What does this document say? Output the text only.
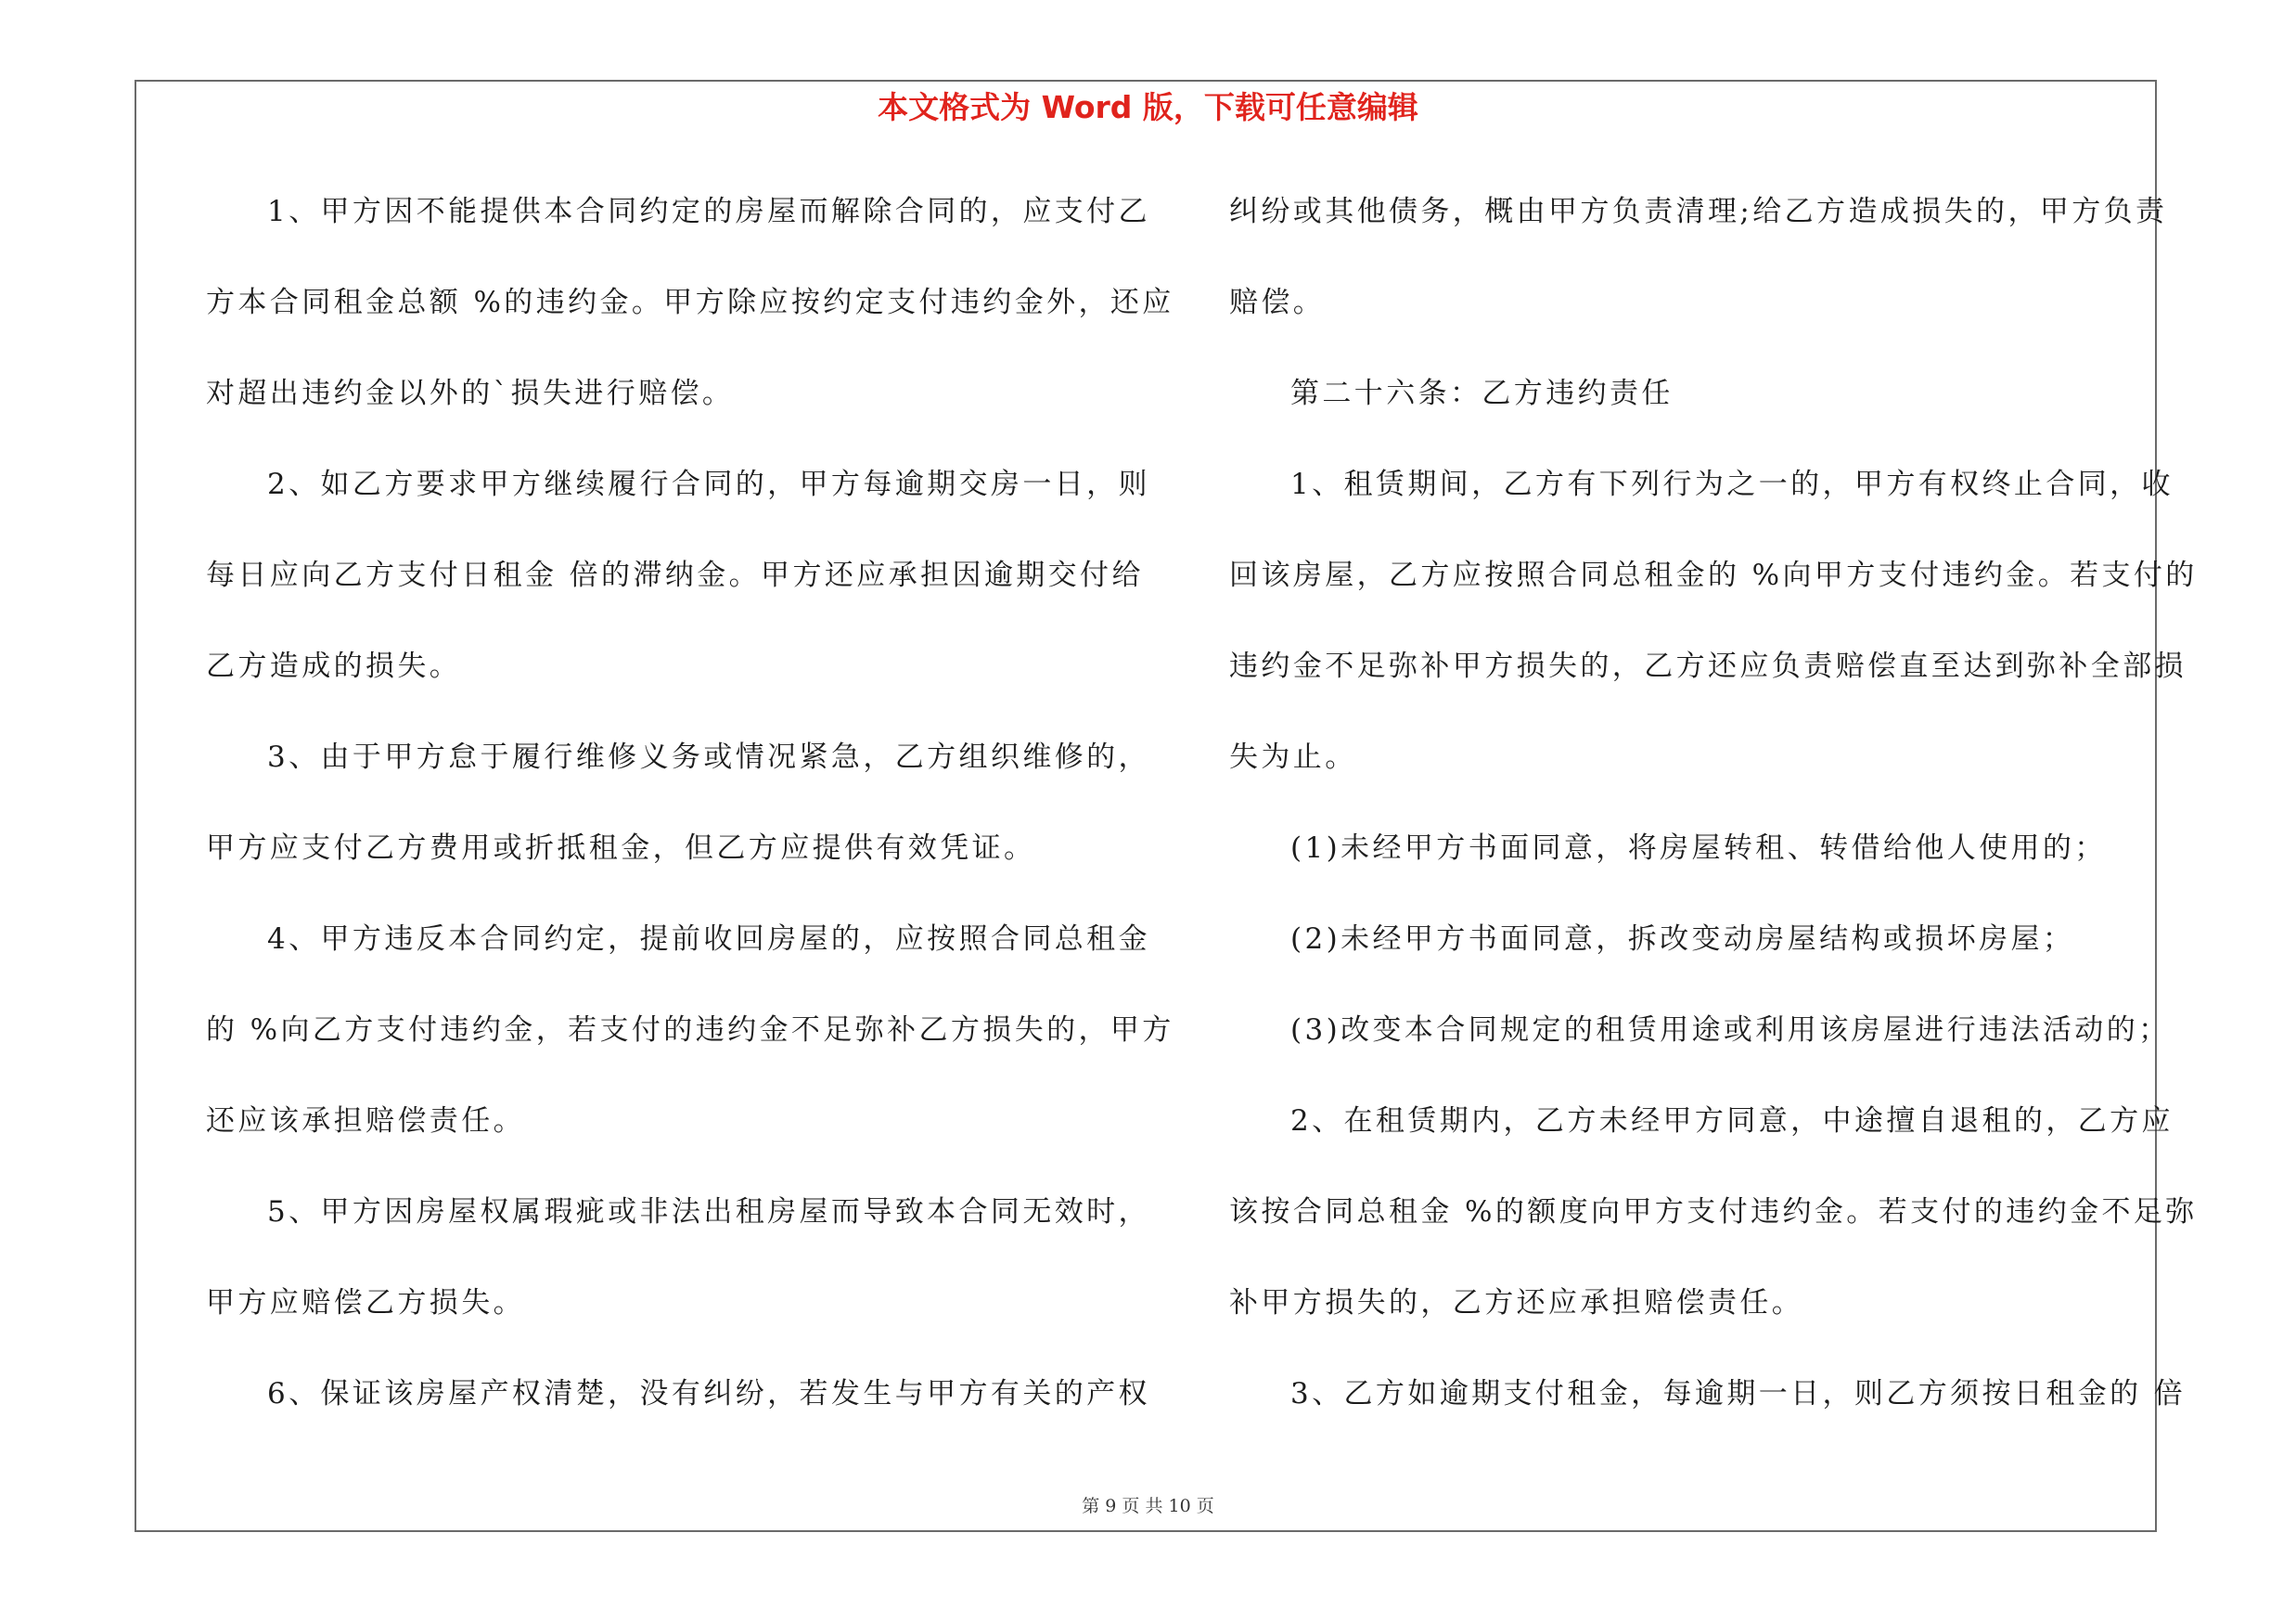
本文格式为 Word 版，下载可任意编辑
1、甲方因不能提供本合同约定的房屋而解除合同的，应支付乙
方本合同租金总额 %的违约金。甲方除应按约定支付违约金外，还应
对超出违约金以外的`损失进行赔偿。
2、如乙方要求甲方继续履行合同的，甲方每逾期交房一日，则
每日应向乙方支付日租金 倍的滞纳金。甲方还应承担因逾期交付给
乙方造成的损失。
3、由于甲方怠于履行维修义务或情况紧急，乙方组织维修的，
甲方应支付乙方费用或折抵租金，但乙方应提供有效凭证。
4、甲方违反本合同约定，提前收回房屋的，应按照合同总租金
的 %向乙方支付违约金，若支付的违约金不足弥补乙方损失的，甲方
还应该承担赔偿责任。
5、甲方因房屋权属瑕疵或非法出租房屋而导致本合同无效时，
甲方应赔偿乙方损失。
6、保证该房屋产权清楚，没有纠纷，若发生与甲方有关的产权
纠纷或其他债务，概由甲方负责清理;给乙方造成损失的，甲方负责
赔偿。
第二十六条：乙方违约责任
1、租赁期间，乙方有下列行为之一的，甲方有权终止合同，收
回该房屋，乙方应按照合同总租金的 %向甲方支付违约金。若支付的
违约金不足弥补甲方损失的，乙方还应负责赔偿直至达到弥补全部损
失为止。
(1)未经甲方书面同意，将房屋转租、转借给他人使用的；
(2)未经甲方书面同意，拆改变动房屋结构或损坏房屋；
(3)改变本合同规定的租赁用途或利用该房屋进行违法活动的；
2、在租赁期内，乙方未经甲方同意，中途擅自退租的，乙方应
该按合同总租金 %的额度向甲方支付违约金。若支付的违约金不足弥
补甲方损失的，乙方还应承担赔偿责任。
3、乙方如逾期支付租金，每逾期一日，则乙方须按日租金的 倍
第 9 页 共 10 页
